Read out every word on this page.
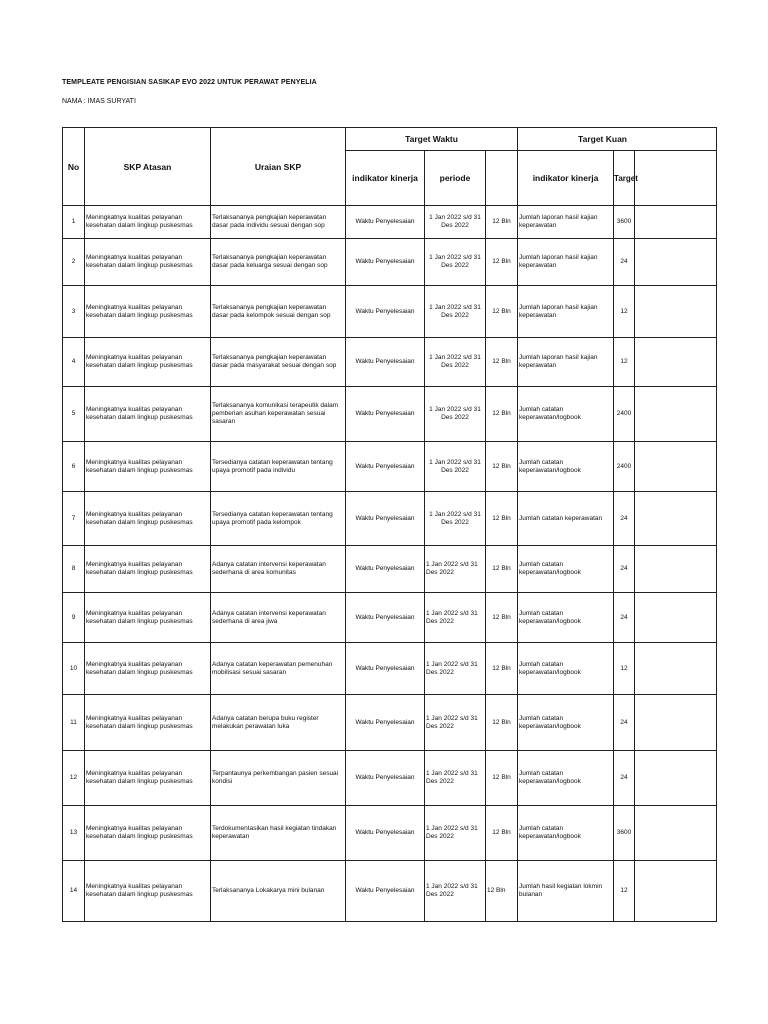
TEMPLEATE PENGISIAN SASIKAP EVO 2022 UNTUK PERAWAT PENYELIA
NAMA : IMAS SURYATI
No	SKP Atasan	Uraian SKP	Target Waktu			Target Kuan		
			indikator kinerja	periode		indikator kinerja	Target	
1	Meningkatnya kualitas pelayanan kesehatan dalam lingkup puskesmas	Terlaksananya pengkajian keperawatan dasar pada individu sesuai dengan sop	Waktu Penyelesaian	1 Jan 2022 s/d 31 Des 2022	12 Bln	Jumlah laporan hasil kajian keperawatan	3600	
2	Meningkatnya kualitas pelayanan kesehatan dalam lingkup puskesmas	Terlaksananya pengkajian keperawatan dasar pada keluarga sesuai dengan sop	Waktu Penyelesaian	1 Jan 2022 s/d 31 Des 2022	12 Bln	Jumlah laporan hasil kajian keperawatan	24	
3	Meningkatnya kualitas pelayanan kesehatan dalam lingkup puskesmas	Terlaksananya pengkajian keperawatan dasar pada kelompok sesuai dengan sop	Waktu Penyelesaian	1 Jan 2022 s/d 31 Des 2022	12 Bln	Jumlah laporan hasil kajian keperawatan	12	
4	Meningkatnya kualitas pelayanan kesehatan dalam lingkup puskesmas	Terlaksananya pengkajian keperawatan dasar pada masyarakat sesuai dengan sop	Waktu Penyelesaian	1 Jan 2022 s/d 31 Des 2022	12 Bln	Jumlah laporan hasil kajian keperawatan	12	
5	Meningkatnya kualitas pelayanan kesehatan dalam lingkup puskesmas	Terlaksananya komunikasi terapeutik dalam pemberian asuhan keperawatan sesuai sasaran	Waktu Penyelesaian	1 Jan 2022 s/d 31 Des 2022	12 Bln	Jumlah catatan keperawatan/logbook	2400	
6	Meningkatnya kualitas pelayanan kesehatan dalam lingkup puskesmas	Tersedianya catatan keperawatan tentang upaya promotif pada individu	Waktu Penyelesaian	1 Jan 2022 s/d 31 Des 2022	12 Bln	Jumlah catatan keperawatan/logbook	2400	
7	Meningkatnya kualitas pelayanan kesehatan dalam lingkup puskesmas	Tersedianya catatan keperawatan tentang upaya promotif pada kelompok	Waktu Penyelesaian	1 Jan 2022 s/d 31 Des 2022	12 Bln	Jumlah catatan keperawatan	24	
8	Meningkatnya kualitas pelayanan kesehatan dalam lingkup puskesmas	Adanya catatan intervensi keperawatan sederhana di area komunitas	Waktu Penyelesaian	1 Jan 2022 s/d 31 Des 2022	12 Bln	Jumlah catatan keperawatan/logbook	24	
9	Meningkatnya kualitas pelayanan kesehatan dalam lingkup puskesmas	Adanya catatan intervensi keperawatan sederhana di area jiwa	Waktu Penyelesaian	1 Jan 2022 s/d 31 Des 2022	12 Bln	Jumlah catatan keperawatan/logbook	24	
10	Meningkatnya kualitas pelayanan kesehatan dalam lingkup puskesmas	Adanya catatan keperawatan pemenuhan mobilisasi sesuai sasaran	Waktu Penyelesaian	1 Jan 2022 s/d 31 Des 2022	12 Bln	Jumlah catatan keperawatan/logbook	12	
11	Meningkatnya kualitas pelayanan kesehatan dalam lingkup puskesmas	Adanya catatan berupa buku register melakukan perawatan luka	Waktu Penyelesaian	1 Jan 2022 s/d 31 Des 2022	12 Bln	Jumlah catatan keperawatan/logbook	24	
12	Meningkatnya kualitas pelayanan kesehatan dalam lingkup puskesmas	Terpantaunya perkembangan pasien sesuai kondisi	Waktu Penyelesaian	1 Jan 2022 s/d 31 Des 2022	12 Bln	Jumlah catatan keperawatan/logbook	24	
13	Meningkatnya kualitas pelayanan kesehatan dalam lingkup puskesmas	Terdokumentasikan hasil kegiatan tindakan keperawatan	Waktu Penyelesaian	1 Jan 2022 s/d 31 Des 2022	12 Bln	Jumlah catatan keperawatan/logbook	3600	
14	Meningkatnya kualitas pelayanan kesehatan dalam lingkup puskesmas	Terlaksananya Lokakarya mini bulanan	Waktu Penyelesaian	1 Jan 2022 s/d 31 Des 2022	12 Bln	Jumlah hasil kegiatan lokmin bulanan	12	
